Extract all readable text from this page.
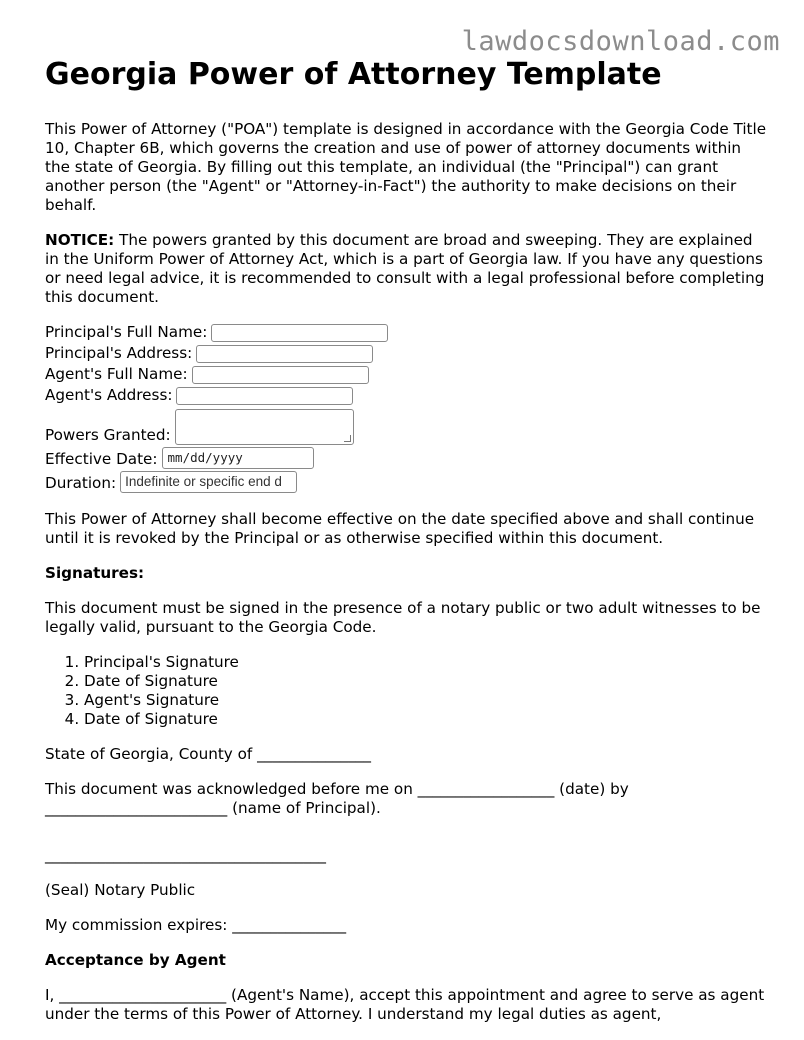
lawdocsdownload.com
Georgia Power of Attorney Template

This Power of Attorney ("POA") template is designed in accordance with the Georgia Code Title 10, Chapter 6B, which governs the creation and use of power of attorney documents within the state of Georgia. By filling out this template, an individual (the "Principal") can grant another person (the "Agent" or "Attorney-in-Fact") the authority to make decisions on their behalf.

NOTICE: The powers granted by this document are broad and sweeping. They are explained in the Uniform Power of Attorney Act, which is a part of Georgia law. If you have any questions or need legal advice, it is recommended to consult with a legal professional before completing this document.

Principal's Full Name:
Principal's Address:
Agent's Full Name:
Agent's Address:
Powers Granted:
Effective Date: mm/dd/yyyy
Duration: Indefinite or specific end d

This Power of Attorney shall become effective on the date specified above and shall continue until it is revoked by the Principal or as otherwise specified within this document.

Signatures:

This document must be signed in the presence of a notary public or two adult witnesses to be legally valid, pursuant to the Georgia Code.

1. Principal's Signature
2. Date of Signature
3. Agent's Signature
4. Date of Signature

State of Georgia, County of _______________

This document was acknowledged before me on __________________ (date) by ________________________ (name of Principal).

_____________________________________

(Seal) Notary Public

My commission expires: _______________

Acceptance by Agent

I, ______________________ (Agent's Name), accept this appointment and agree to serve as agent under the terms of this Power of Attorney. I understand my legal duties as agent,
